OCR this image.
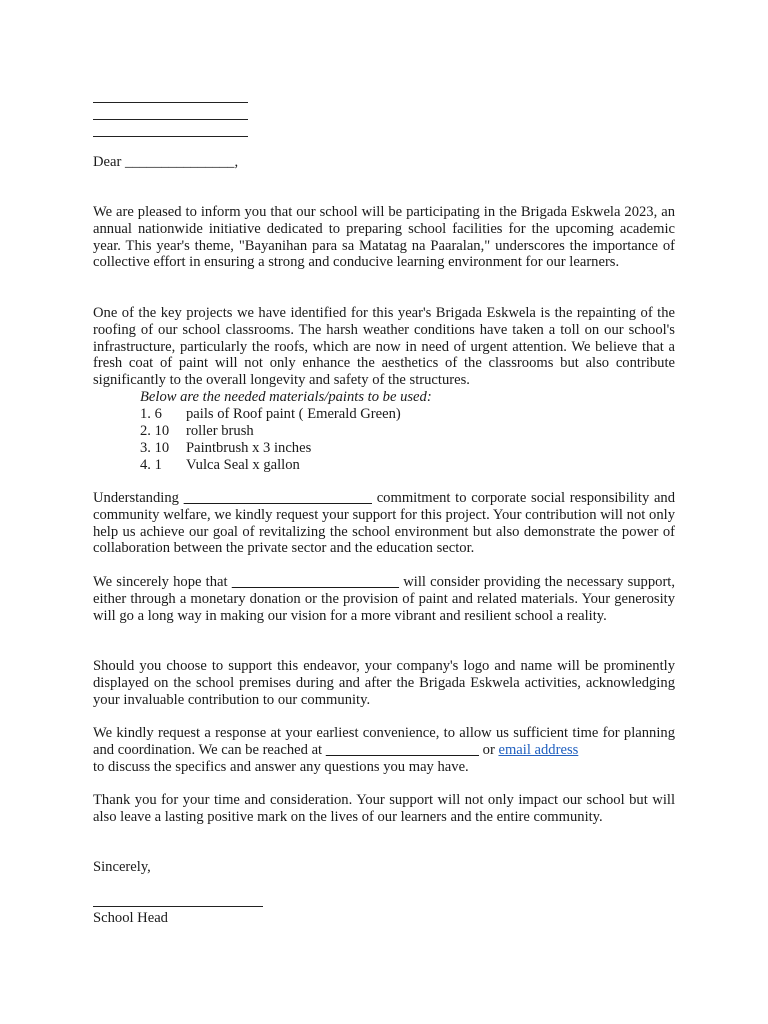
Dear _______________,
We are pleased to inform you that our school will be participating in the Brigada Eskwela 2023, an annual nationwide initiative dedicated to preparing school facilities for the upcoming academic year. This year's theme, "Bayanihan para sa Matatag na Paaralan," underscores the importance of collective effort in ensuring a strong and conducive learning environment for our learners.
One of the key projects we have identified for this year's Brigada Eskwela is the repainting of the roofing of our school classrooms. The harsh weather conditions have taken a toll on our school's infrastructure, particularly the roofs, which are now in need of urgent attention. We believe that a fresh coat of paint will not only enhance the aesthetics of the classrooms but also contribute significantly to the overall longevity and safety of the structures.
Below are the needed materials/paints to be used:
1. 6	pails of Roof paint ( Emerald Green)
2. 10	roller brush
3. 10	Paintbrush x 3 inches
4. 1	Vulca Seal x gallon
Understanding	commitment to corporate social responsibility and community welfare, we kindly request your support for this project. Your contribution will not only help us achieve our goal of revitalizing the school environment but also demonstrate the power of collaboration between the private sector and the education sector.
We sincerely hope that	will consider providing the necessary support, either through a monetary donation or the provision of paint and related materials. Your generosity will go a long way in making our vision for a more vibrant and resilient school a reality.
Should you choose to support this endeavor, your company's logo and name will be prominently displayed on the school premises during and after the Brigada Eskwela activities, acknowledging your invaluable contribution to our community.
We kindly request a response at your earliest convenience, to allow us sufficient time for planning and coordination. We can be reached at	or email address
to discuss the specifics and answer any questions you may have.
Thank you for your time and consideration. Your support will not only impact our school but will also leave a lasting positive mark on the lives of our learners and the entire community.
Sincerely,
School Head
